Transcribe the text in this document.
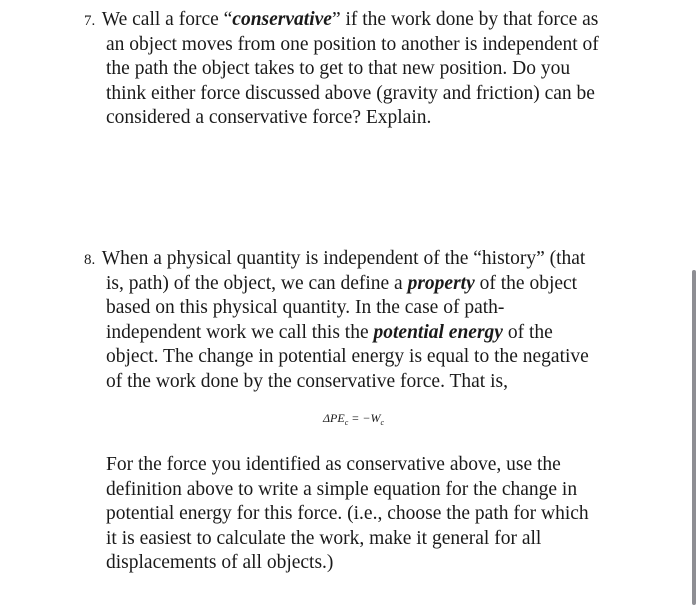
7. We call a force “conservative” if the work done by that force as
an object moves from one position to another is independent of
the path the object takes to get to that new position. Do you
think either force discussed above (gravity and friction) can be
considered a conservative force? Explain.
8. When a physical quantity is independent of the “history” (that
is, path) of the object, we can define a property of the object
based on this physical quantity. In the case of path-
independent work we call this the potential energy of the
object. The change in potential energy is equal to the negative
of the work done by the conservative force. That is,
$\Delta PE_c = -W_c$
For the force you identified as conservative above, use the
definition above to write a simple equation for the change in
potential energy for this force. (i.e., choose the path for which
it is easiest to calculate the work, make it general for all
displacements of all objects.)
